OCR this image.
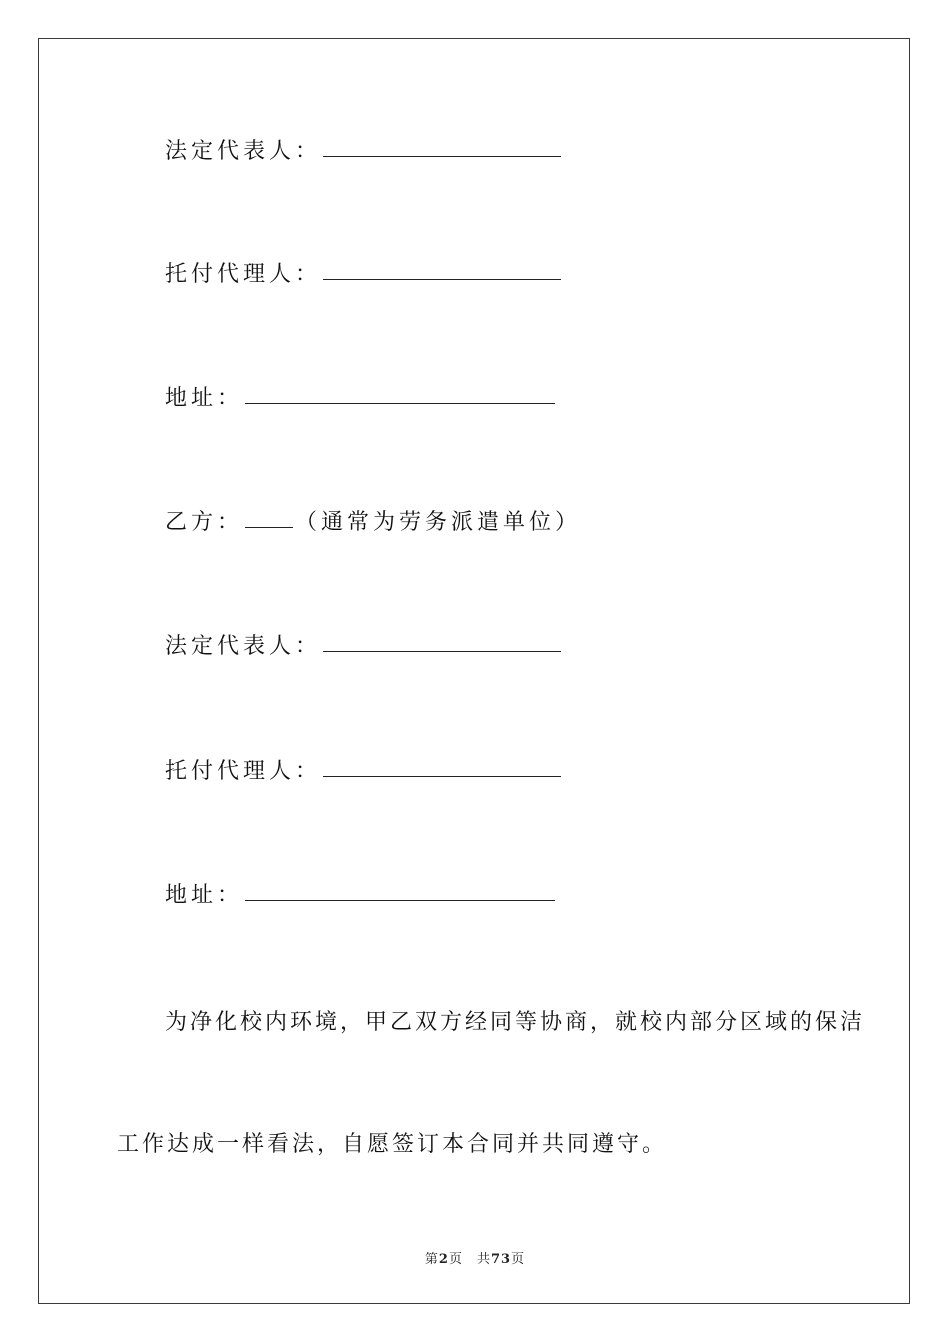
法定代表人：
托付代理人：
地址：
乙方： （通常为劳务派遣单位）
法定代表人：
托付代理人：
地址：
为净化校内环境，甲乙双方经同等协商，就校内部分区域的保洁
工作达成一样看法，自愿签订本合同并共同遵守。
第2页 共73页
